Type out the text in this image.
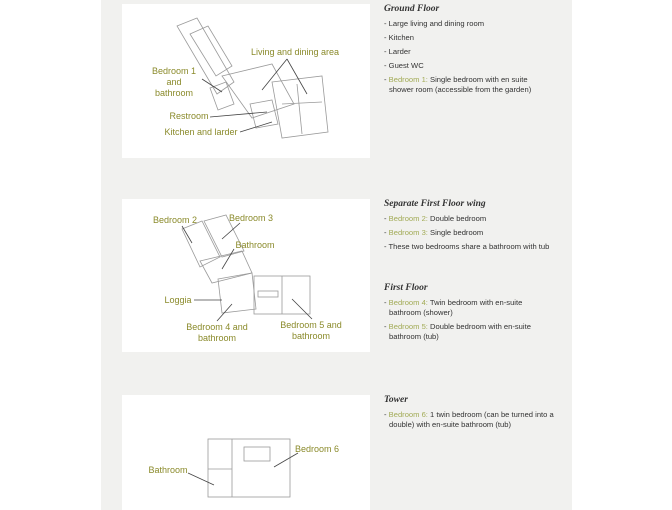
Living and dining area
Bedroom 1
and
bathroom
Restroom
Kitchen and larder
Bedroom 2	Bedroom 3
Bathroom
Loggia
Bedroom 4 and
bathroom
Bedroom 5 and
bathroom
Bedroom 6
Bathroom
Ground Floor
- Large living and dining room
- Kitchen
- Larder
- Guest WC
- Bedroom 1: Single bedroom with en suite shower room (accessible from the garden)
Separate First Floor wing
- Bedroom 2: Double bedroom
- Bedroom 3: Single bedroom
- These two bedrooms share a bathroom with tub
First Floor
- Bedroom 4: Twin bedroom with en-suite bathroom (shower)
- Bedroom 5: Double bedroom with en-suite bathroom (tub)
Tower
- Bedroom 6: 1 twin bedroom (can be turned into a double) with en-suite bathroom (tub)
